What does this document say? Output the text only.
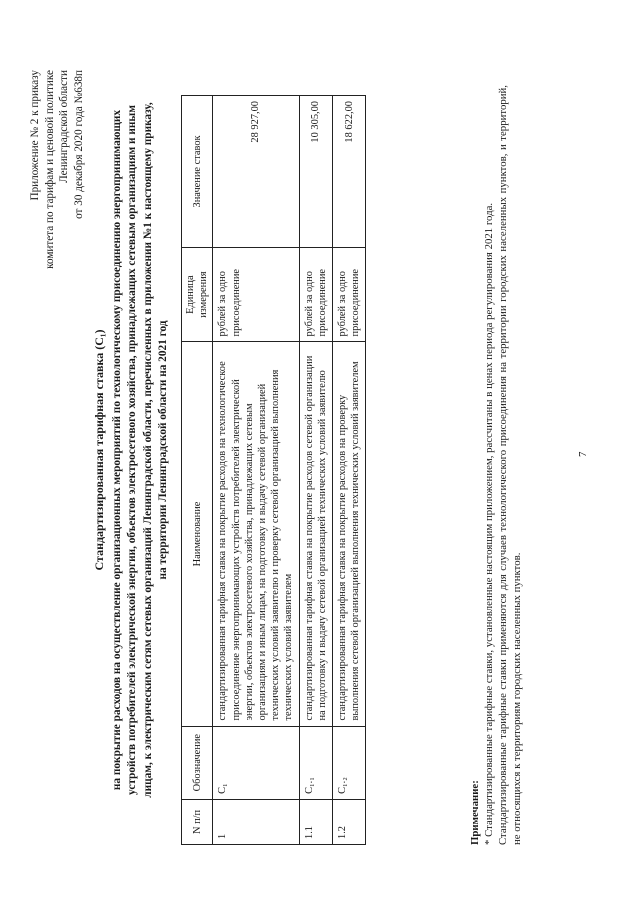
Приложение № 2 к приказу комитета по тарифам и ценовой политике Ленинградской области от 30 декабря 2020 года №638п
Стандартизированная тарифная ставка (C₁) на покрытие расходов на осуществление организационных мероприятий по технологическому присоединению энергопринимающих устройств потребителей электрической энергии, объектов электросетевого хозяйства, принадлежащих сетевым организациям и иным лицам, к электрическим сетям сетевых организаций Ленинградской области, перечисленных в приложении №1 к настоящему приказу, на территории Ленинградской области на 2021 год
N п/п	Обозначение	Наименование	Единица измерения	Значение ставок
1	C₁	стандартизированная тарифная ставка на покрытие расходов на технологическое присоединение энергопринимающих устройств потребителей электрической энергии, объектов электросетевого хозяйства, принадлежащих сетевым организациям и иным лицам, на подготовку и выдачу сетевой организацией технических условий заявителю и проверку сетевой организацией выполнения технических условий заявителем	рублей за одно присоединение	28 927,00
1.1	C₁.₁	стандартизированная тарифная ставка на покрытие расходов сетевой организации на подготовку и выдачу сетевой организацией технических условий заявителю	рублей за одно присоединение	10 305,00
1.2	C₁.₂	стандартизированная тарифная ставка на покрытие расходов на проверку выполнения сетевой организацией выполнения технических условий заявителем	рублей за одно присоединение	18 622,00

Примечание: * Стандартизированные тарифные ставки, установленные настоящим приложением, рассчитаны в ценах периода регулирования 2021 года. Стандартизированные тарифные ставки применяются для случаев технологического присоединения на территории городских населенных пунктов, и территорий, не относящихся к территориям городских населенных пунктов.

7
